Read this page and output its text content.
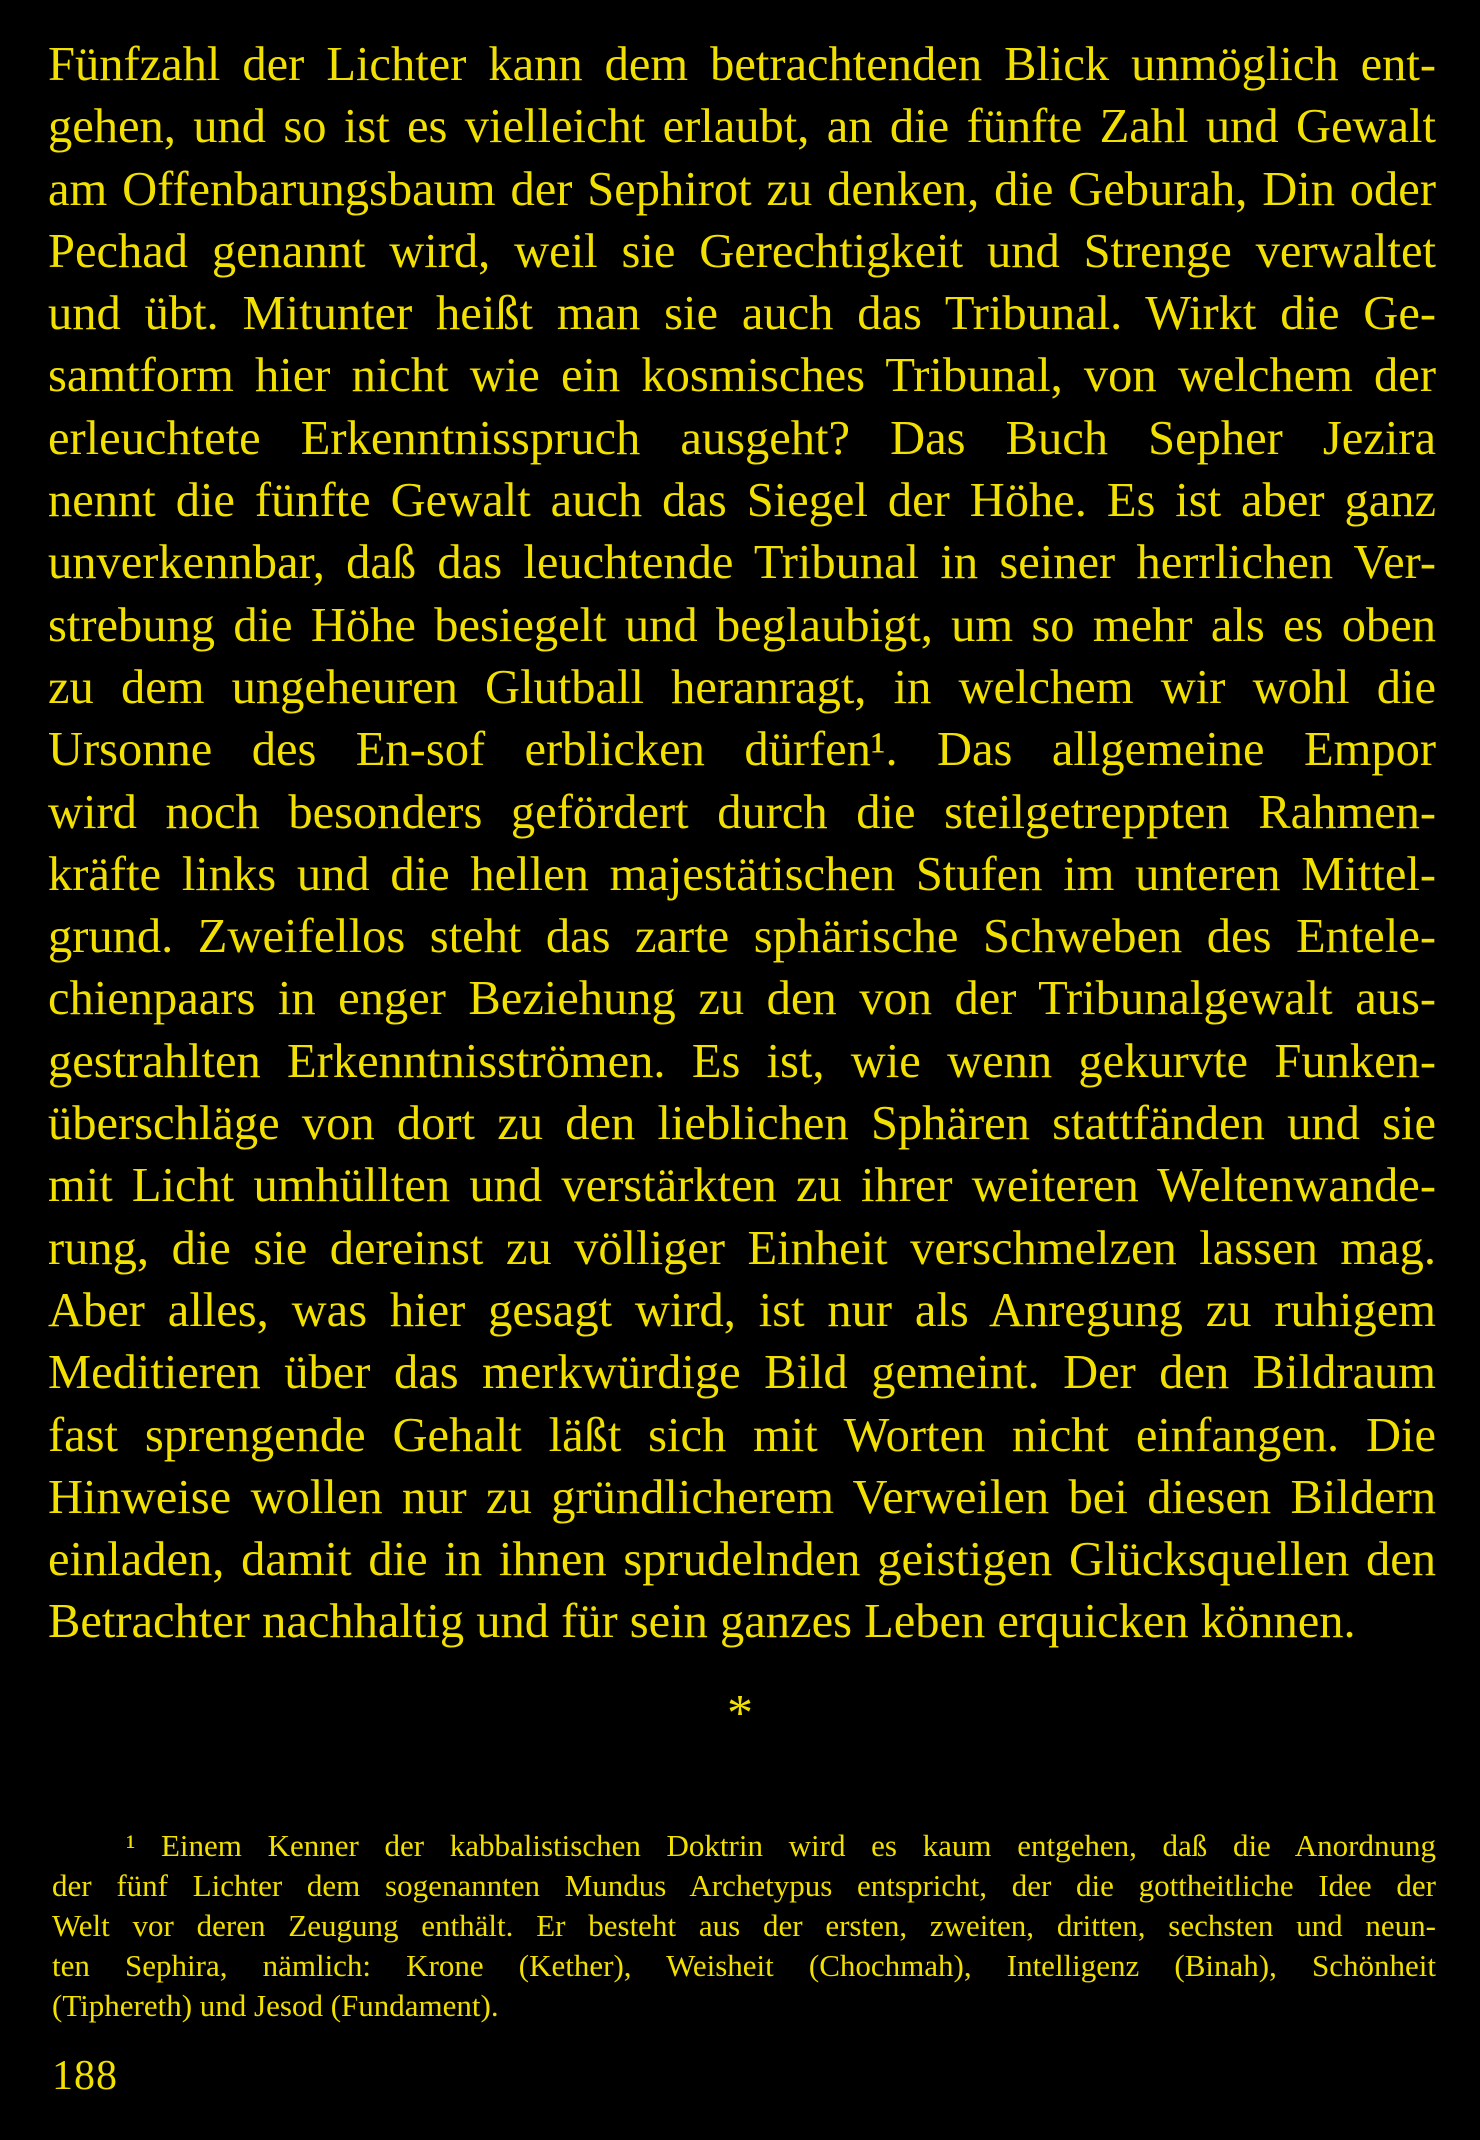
Fünfzahl der Lichter kann dem betrachtenden Blick unmöglich ent-
gehen, und so ist es vielleicht erlaubt, an die fünfte Zahl und Gewalt
am Offenbarungsbaum der Sephirot zu denken, die Geburah, Din oder
Pechad genannt wird, weil sie Gerechtigkeit und Strenge verwaltet
und übt. Mitunter heißt man sie auch das Tribunal. Wirkt die Ge-
samtform hier nicht wie ein kosmisches Tribunal, von welchem der
erleuchtete Erkenntnisspruch ausgeht? Das Buch Sepher Jezira
nennt die fünfte Gewalt auch das Siegel der Höhe. Es ist aber ganz
unverkennbar, daß das leuchtende Tribunal in seiner herrlichen Ver-
strebung die Höhe besiegelt und beglaubigt, um so mehr als es oben
zu dem ungeheuren Glutball heranragt, in welchem wir wohl die
Ursonne des En-sof erblicken dürfen¹. Das allgemeine Empor
wird noch besonders gefördert durch die steilgetreppten Rahmen-
kräfte links und die hellen majestätischen Stufen im unteren Mittel-
grund. Zweifellos steht das zarte sphärische Schweben des Entele-
chienpaars in enger Beziehung zu den von der Tribunalgewalt aus-
gestrahlten Erkenntnisströmen. Es ist, wie wenn gekurvte Funken-
überschläge von dort zu den lieblichen Sphären stattfänden und sie
mit Licht umhüllten und verstärkten zu ihrer weiteren Weltenwande-
rung, die sie dereinst zu völliger Einheit verschmelzen lassen mag.
Aber alles, was hier gesagt wird, ist nur als Anregung zu ruhigem
Meditieren über das merkwürdige Bild gemeint. Der den Bildraum
fast sprengende Gehalt läßt sich mit Worten nicht einfangen. Die
Hinweise wollen nur zu gründlicherem Verweilen bei diesen Bildern
einladen, damit die in ihnen sprudelnden geistigen Glücksquellen den
Betrachter nachhaltig und für sein ganzes Leben erquicken können.
*
¹ Einem Kenner der kabbalistischen Doktrin wird es kaum entgehen, daß die Anordnung
der fünf Lichter dem sogenannten Mundus Archetypus entspricht, der die gottheitliche Idee der
Welt vor deren Zeugung enthält. Er besteht aus der ersten, zweiten, dritten, sechsten und neun-
ten Sephira, nämlich: Krone (Kether), Weisheit (Chochmah), Intelligenz (Binah), Schönheit
(Tiphereth) und Jesod (Fundament).
188
